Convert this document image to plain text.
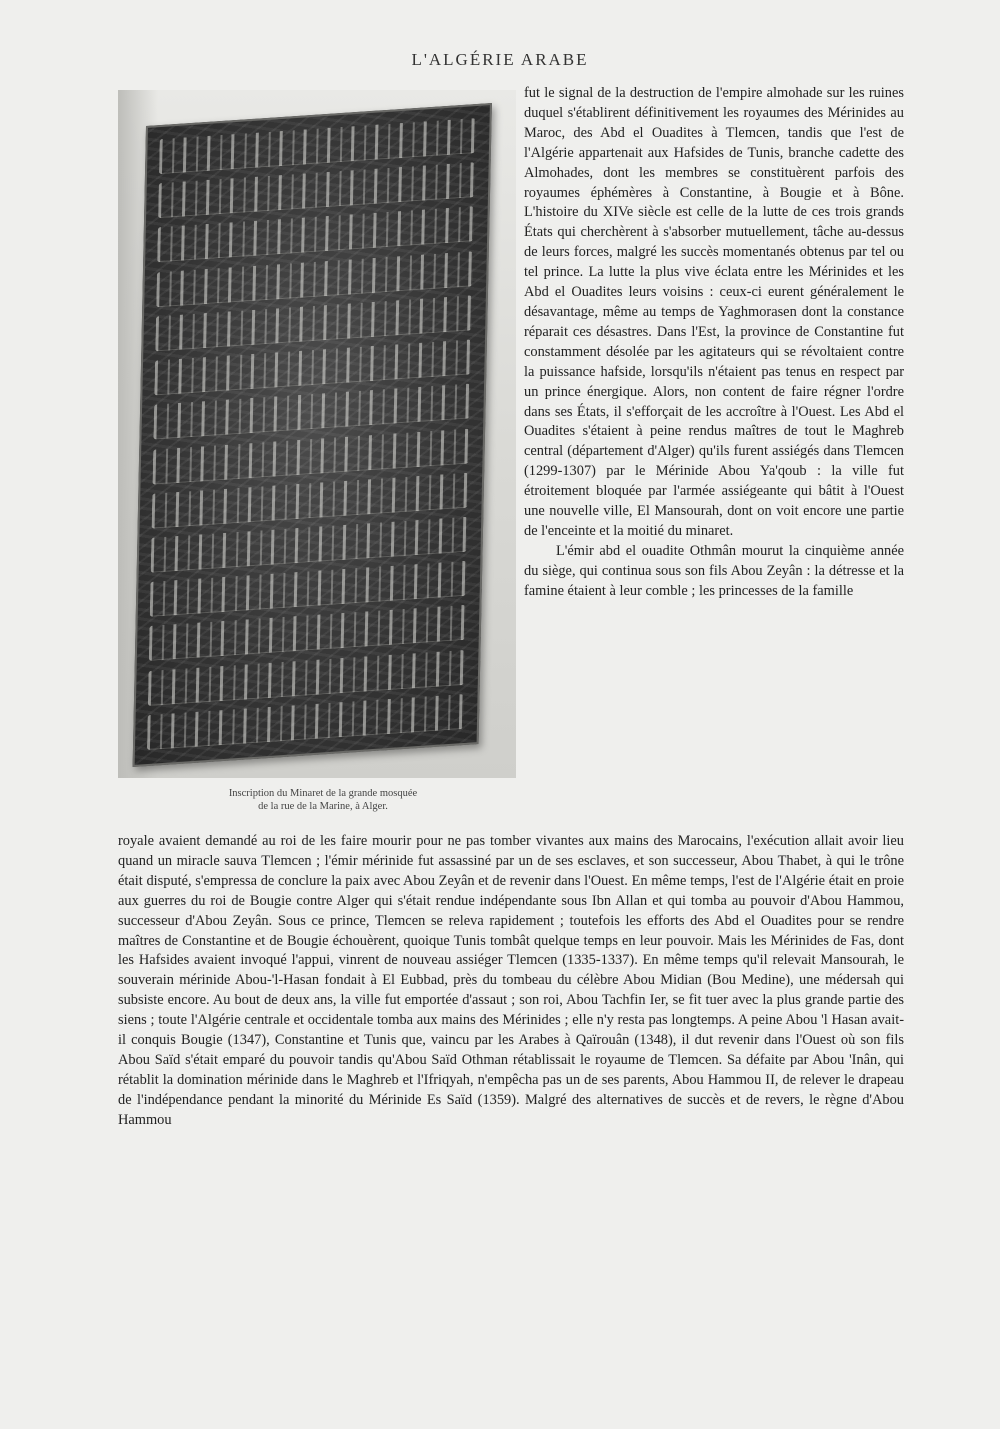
L'ALGÉRIE ARABE
Inscription du Minaret de la grande mosquée
de la rue de la Marine, à Alger.

fut le signal de la destruction de l'empire almohade sur les ruines duquel s'établirent définitivement les royaumes des Mérinides au Maroc, des Abd el Ouadites à Tlemcen, tandis que l'est de l'Algérie appartenait aux Hafsides de Tunis, branche cadette des Almohades, dont les membres se constituèrent parfois des royaumes éphémères à Constantine, à Bougie et à Bône. L'histoire du XIVe siècle est celle de la lutte de ces trois grands États qui cherchèrent à s'absorber mutuellement, tâche au-dessus de leurs forces, malgré les succès momentanés obtenus par tel ou tel prince. La lutte la plus vive éclata entre les Mérinides et les Abd el Ouadites leurs voisins : ceux-ci eurent généralement le désavantage, même au temps de Yaghmorasen dont la constance réparait ces désastres. Dans l'Est, la province de Constantine fut constamment désolée par les agitateurs qui se révoltaient contre la puissance hafside, lorsqu'ils n'étaient pas tenus en respect par un prince énergique. Alors, non content de faire régner l'ordre dans ses États, il s'efforçait de les accroître à l'Ouest. Les Abd el Ouadites s'étaient à peine rendus maîtres de tout le Maghreb central (département d'Alger) qu'ils furent assiégés dans Tlemcen (1299-1307) par le Mérinide Abou Ya'qoub : la ville fut étroitement bloquée par l'armée assiégeante qui bâtit à l'Ouest une nouvelle ville, El Mansourah, dont on voit encore une partie de l'enceinte et la moitié du minaret.

L'émir abd el ouadite Othmân mourut la cinquième année du siège, qui continua sous son fils Abou Zeyân : la détresse et la famine étaient à leur comble ; les princesses de la famille

royale avaient demandé au roi de les faire mourir pour ne pas tomber vivantes aux mains des Marocains, l'exécution allait avoir lieu quand un miracle sauva Tlemcen ; l'émir mérinide fut assassiné par un de ses esclaves, et son successeur, Abou Thabet, à qui le trône était disputé, s'empressa de conclure la paix avec Abou Zeyân et de revenir dans l'Ouest. En même temps, l'est de l'Algérie était en proie aux guerres du roi de Bougie contre Alger qui s'était rendue indépendante sous Ibn Allan et qui tomba au pouvoir d'Abou Hammou, successeur d'Abou Zeyân. Sous ce prince, Tlemcen se releva rapidement ; toutefois les efforts des Abd el Ouadites pour se rendre maîtres de Constantine et de Bougie échouèrent, quoique Tunis tombât quelque temps en leur pouvoir. Mais les Mérinides de Fas, dont les Hafsides avaient invoqué l'appui, vinrent de nouveau assiéger Tlemcen (1335-1337). En même temps qu'il relevait Mansourah, le souverain mérinide Abou-'l-Hasan fondait à El Eubbad, près du tombeau du célèbre Abou Midian (Bou Medine), une médersah qui subsiste encore. Au bout de deux ans, la ville fut emportée d'assaut ; son roi, Abou Tachfin Ier, se fit tuer avec la plus grande partie des siens ; toute l'Algérie centrale et occidentale tomba aux mains des Mérinides ; elle n'y resta pas longtemps. A peine Abou 'l Hasan avait-il conquis Bougie (1347), Constantine et Tunis que, vaincu par les Arabes à Qaïrouân (1348), il dut revenir dans l'Ouest où son fils Abou Saïd s'était emparé du pouvoir tandis qu'Abou Saïd Othman rétablissait le royaume de Tlemcen. Sa défaite par Abou 'Inân, qui rétablit la domination mérinide dans le Maghreb et l'Ifriqyah, n'empêcha pas un de ses parents, Abou Hammou II, de relever le drapeau de l'indépendance pendant la minorité du Mérinide Es Saïd (1359). Malgré des alternatives de succès et de revers, le règne d'Abou Hammou
